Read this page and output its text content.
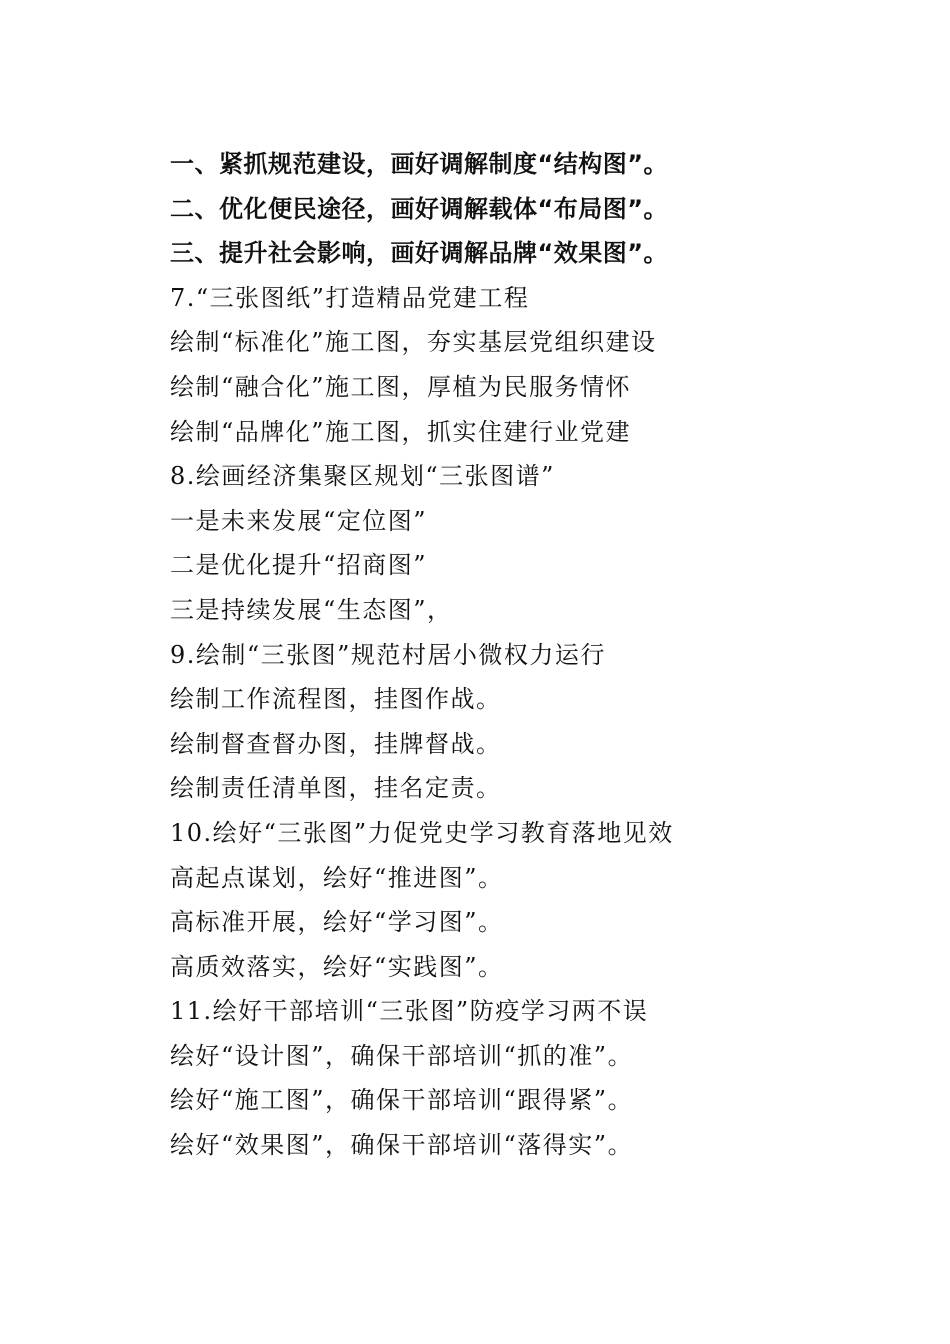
一、紧抓规范建设，画好调解制度“结构图”。
二、优化便民途径，画好调解载体“布局图”。
三、提升社会影响，画好调解品牌“效果图”。
7.“三张图纸”打造精品党建工程
绘制“标准化”施工图，夯实基层党组织建设
绘制“融合化”施工图，厚植为民服务情怀
绘制“品牌化”施工图，抓实住建行业党建
8.绘画经济集聚区规划“三张图谱”
一是未来发展“定位图”
二是优化提升“招商图”
三是持续发展“生态图”，
9.绘制“三张图”规范村居小微权力运行
绘制工作流程图，挂图作战。
绘制督查督办图，挂牌督战。
绘制责任清单图，挂名定责。
10.绘好“三张图”力促党史学习教育落地见效
高起点谋划，绘好“推进图”。
高标准开展，绘好“学习图”。
高质效落实，绘好“实践图”。
11.绘好干部培训“三张图”防疫学习两不误
绘好“设计图”，确保干部培训“抓的准”。
绘好“施工图”，确保干部培训“跟得紧”。
绘好“效果图”，确保干部培训“落得实”。
